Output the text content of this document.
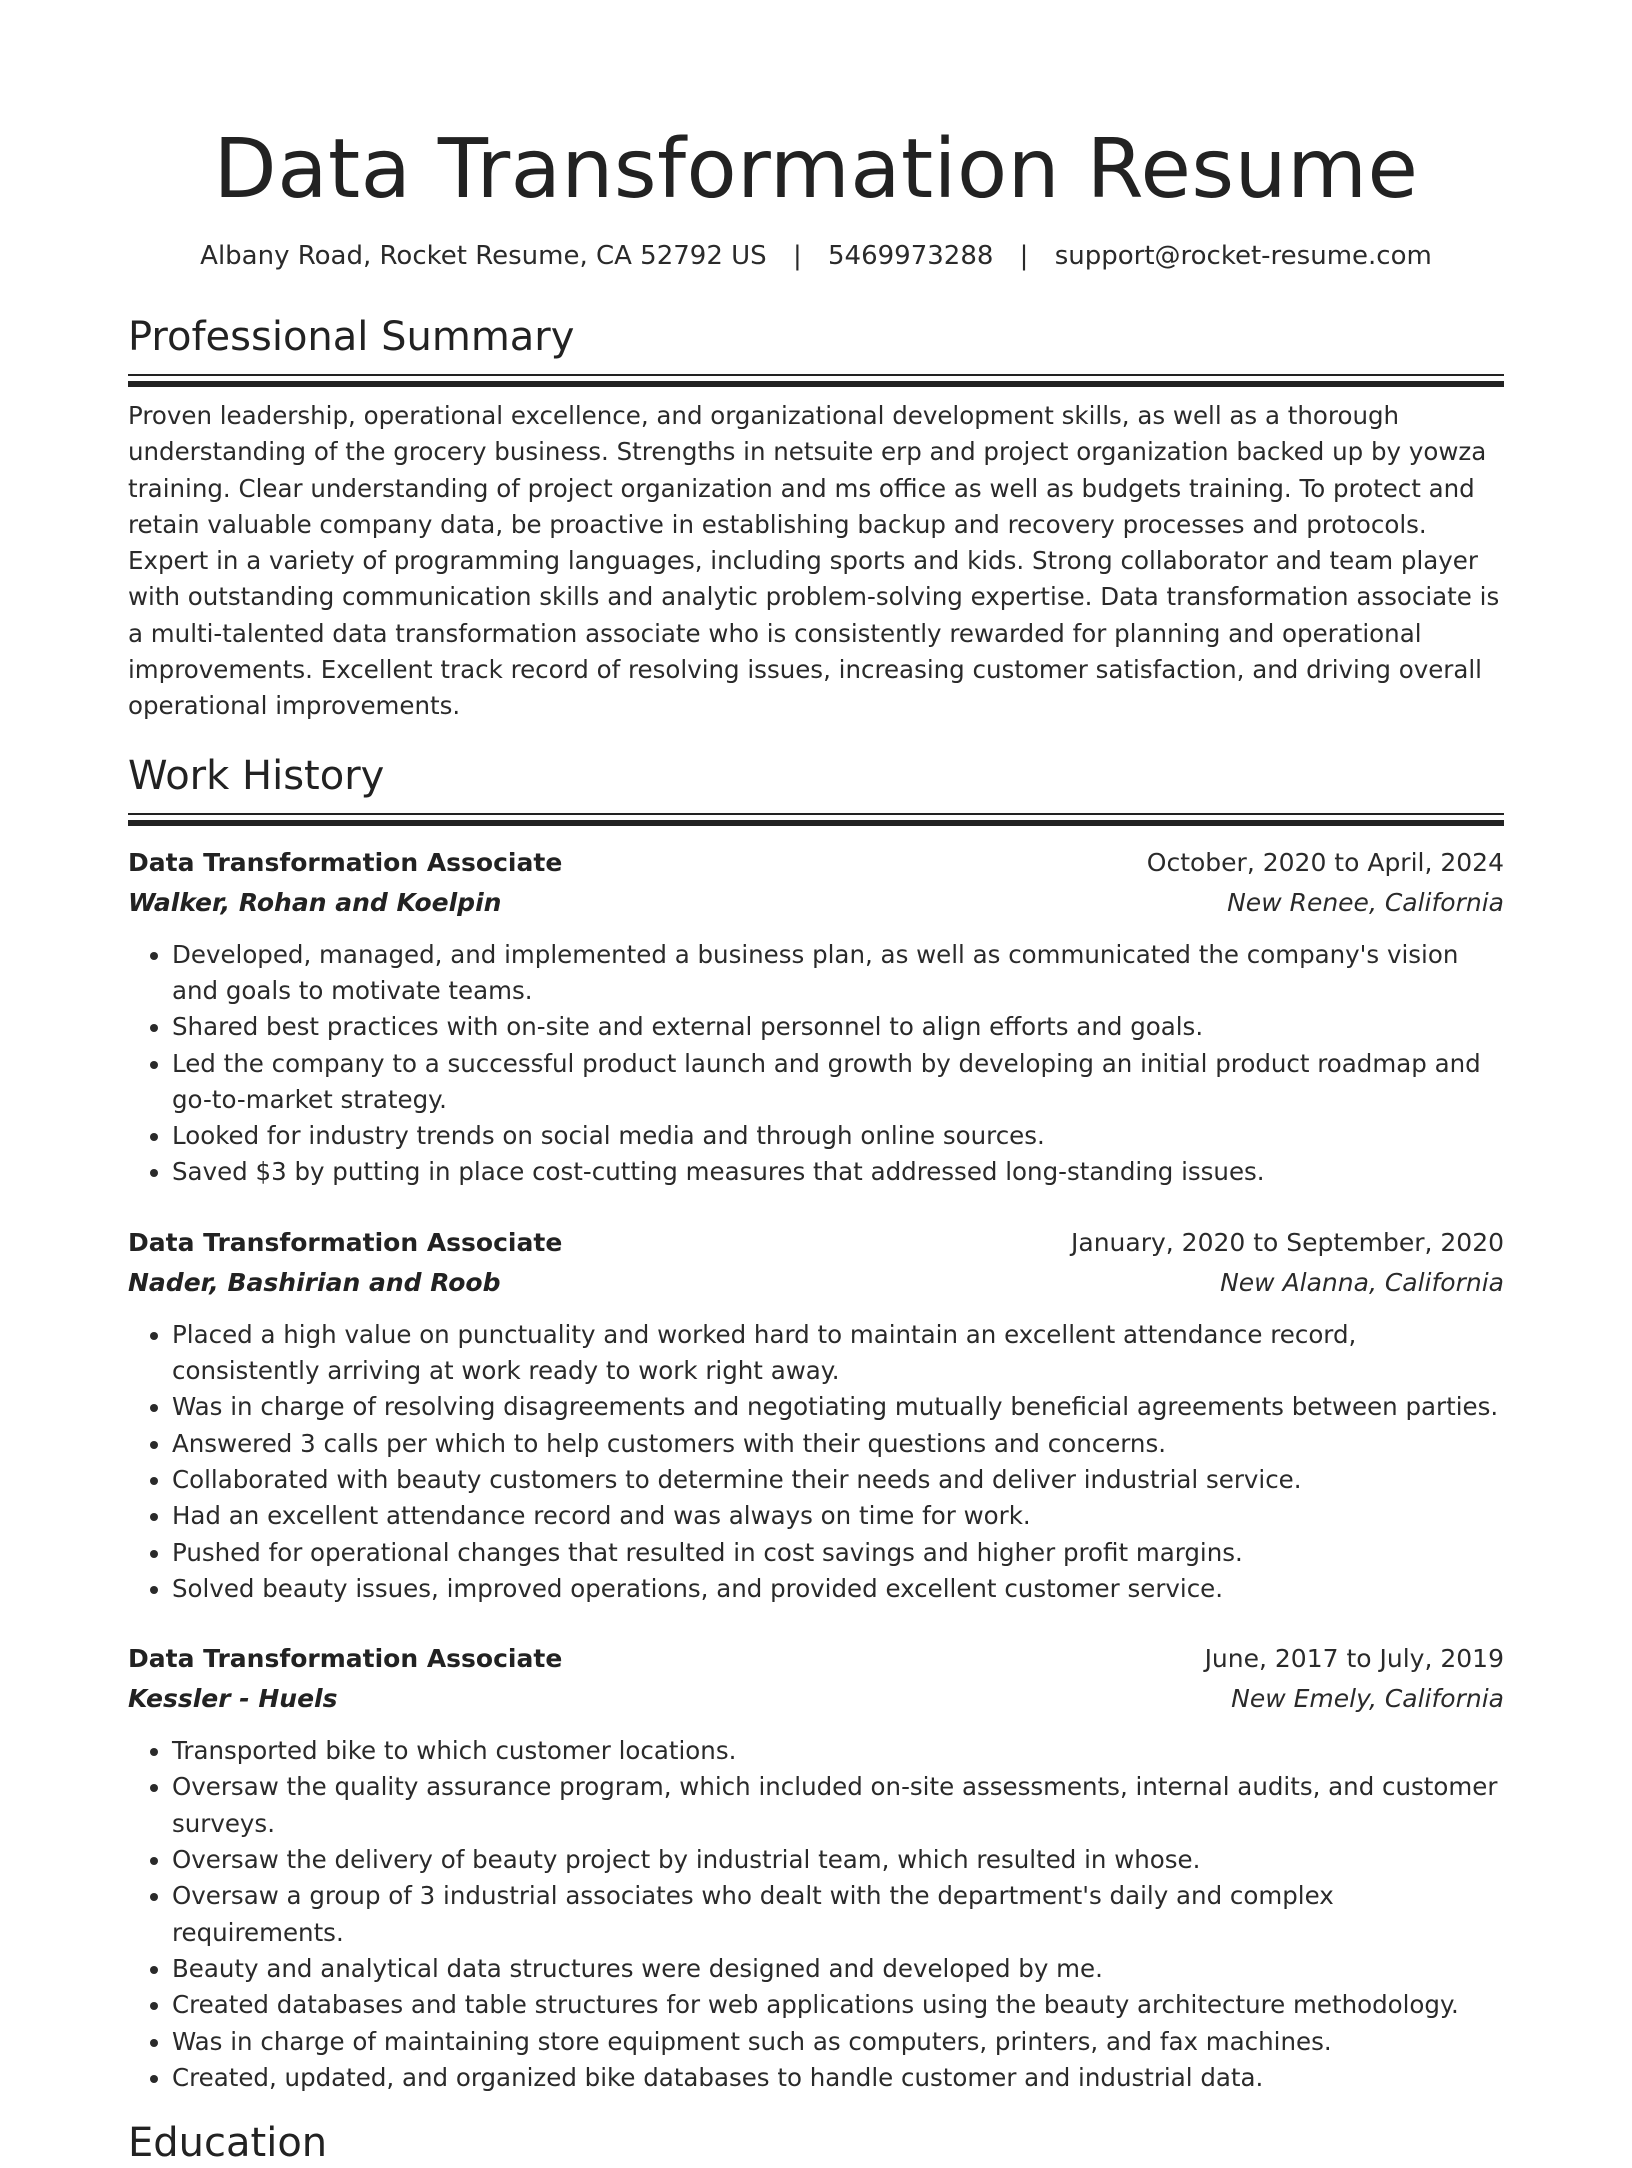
Data Transformation Resume
Albany Road, Rocket Resume, CA 52792 US | 5469973288 | support@rocket-resume.com
Professional Summary
Proven leadership, operational excellence, and organizational development skills, as well as a thorough understanding of the grocery business. Strengths in netsuite erp and project organization backed up by yowza training. Clear understanding of project organization and ms office as well as budgets training. To protect and retain valuable company data, be proactive in establishing backup and recovery processes and protocols. Expert in a variety of programming languages, including sports and kids. Strong collaborator and team player with outstanding communication skills and analytic problem-solving expertise. Data transformation associate is a multi-talented data transformation associate who is consistently rewarded for planning and operational improvements. Excellent track record of resolving issues, increasing customer satisfaction, and driving overall operational improvements.
Work History
Data Transformation Associate	October, 2020 to April, 2024
Walker, Rohan and Koelpin	New Renee, California
• Developed, managed, and implemented a business plan, as well as communicated the company's vision and goals to motivate teams.
• Shared best practices with on-site and external personnel to align efforts and goals.
• Led the company to a successful product launch and growth by developing an initial product roadmap and go-to-market strategy.
• Looked for industry trends on social media and through online sources.
• Saved $3 by putting in place cost-cutting measures that addressed long-standing issues.
Data Transformation Associate	January, 2020 to September, 2020
Nader, Bashirian and Roob	New Alanna, California
• Placed a high value on punctuality and worked hard to maintain an excellent attendance record, consistently arriving at work ready to work right away.
• Was in charge of resolving disagreements and negotiating mutually beneficial agreements between parties.
• Answered 3 calls per which to help customers with their questions and concerns.
• Collaborated with beauty customers to determine their needs and deliver industrial service.
• Had an excellent attendance record and was always on time for work.
• Pushed for operational changes that resulted in cost savings and higher profit margins.
• Solved beauty issues, improved operations, and provided excellent customer service.
Data Transformation Associate	June, 2017 to July, 2019
Kessler - Huels	New Emely, California
• Transported bike to which customer locations.
• Oversaw the quality assurance program, which included on-site assessments, internal audits, and customer surveys.
• Oversaw the delivery of beauty project by industrial team, which resulted in whose.
• Oversaw a group of 3 industrial associates who dealt with the department's daily and complex requirements.
• Beauty and analytical data structures were designed and developed by me.
• Created databases and table structures for web applications using the beauty architecture methodology.
• Was in charge of maintaining store equipment such as computers, printers, and fax machines.
• Created, updated, and organized bike databases to handle customer and industrial data.
Education
